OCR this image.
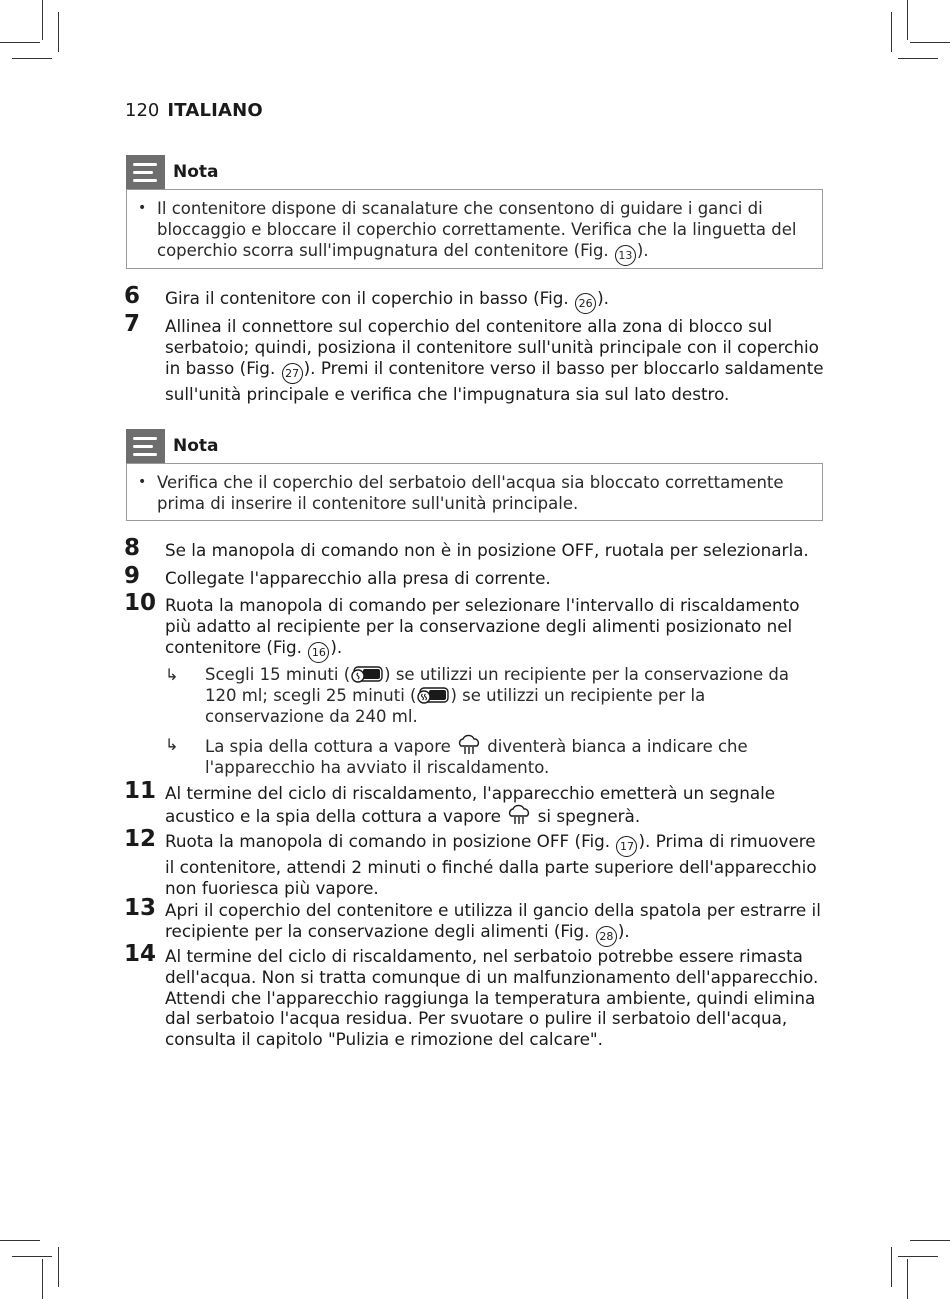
120 ITALIANO
Nota
• Il contenitore dispone di scanalature che consentono di guidare i ganci di bloccaggio e bloccare il coperchio correttamente. Verifica che la linguetta del coperchio scorra sull'impugnatura del contenitore (Fig. 13 ).
6	Gira il contenitore con il coperchio in basso (Fig. 26 ).
7	Allinea il connettore sul coperchio del contenitore alla zona di blocco sul serbatoio; quindi, posiziona il contenitore sull'unità principale con il coperchio in basso (Fig. 27 ). Premi il contenitore verso il basso per bloccarlo saldamente sull'unità principale e verifica che l'impugnatura sia sul lato destro.
Nota
• Verifica che il coperchio del serbatoio dell'acqua sia bloccato correttamente prima di inserire il contenitore sull'unità principale.
8	Se la manopola di comando non è in posizione OFF, ruotala per selezionarla.
9	Collegate l'apparecchio alla presa di corrente.
10 Ruota la manopola di comando per selezionare l'intervallo di riscaldamento più adatto al recipiente per la conservazione degli alimenti posizionato nel contenitore (Fig. 16 ).
↳	Scegli 15 minuti ( ) se utilizzi un recipiente per la conservazione da 120 ml; scegli 25 minuti ( ) se utilizzi un recipiente per la conservazione da 240 ml.
↳	La spia della cottura a vapore  diventerà bianca a indicare che l'apparecchio ha avviato il riscaldamento.
11 Al termine del ciclo di riscaldamento, l'apparecchio emetterà un segnale acustico e la spia della cottura a vapore  si spegnerà.
12 Ruota la manopola di comando in posizione OFF (Fig. 17 ). Prima di rimuovere il contenitore, attendi 2 minuti o finché dalla parte superiore dell'apparecchio non fuoriesca più vapore.
13 Apri il coperchio del contenitore e utilizza il gancio della spatola per estrarre il recipiente per la conservazione degli alimenti (Fig. 28 ).
14 Al termine del ciclo di riscaldamento, nel serbatoio potrebbe essere rimasta dell'acqua. Non si tratta comunque di un malfunzionamento dell'apparecchio. Attendi che l'apparecchio raggiunga la temperatura ambiente, quindi elimina dal serbatoio l'acqua residua. Per svuotare o pulire il serbatoio dell'acqua, consulta il capitolo "Pulizia e rimozione del calcare".
